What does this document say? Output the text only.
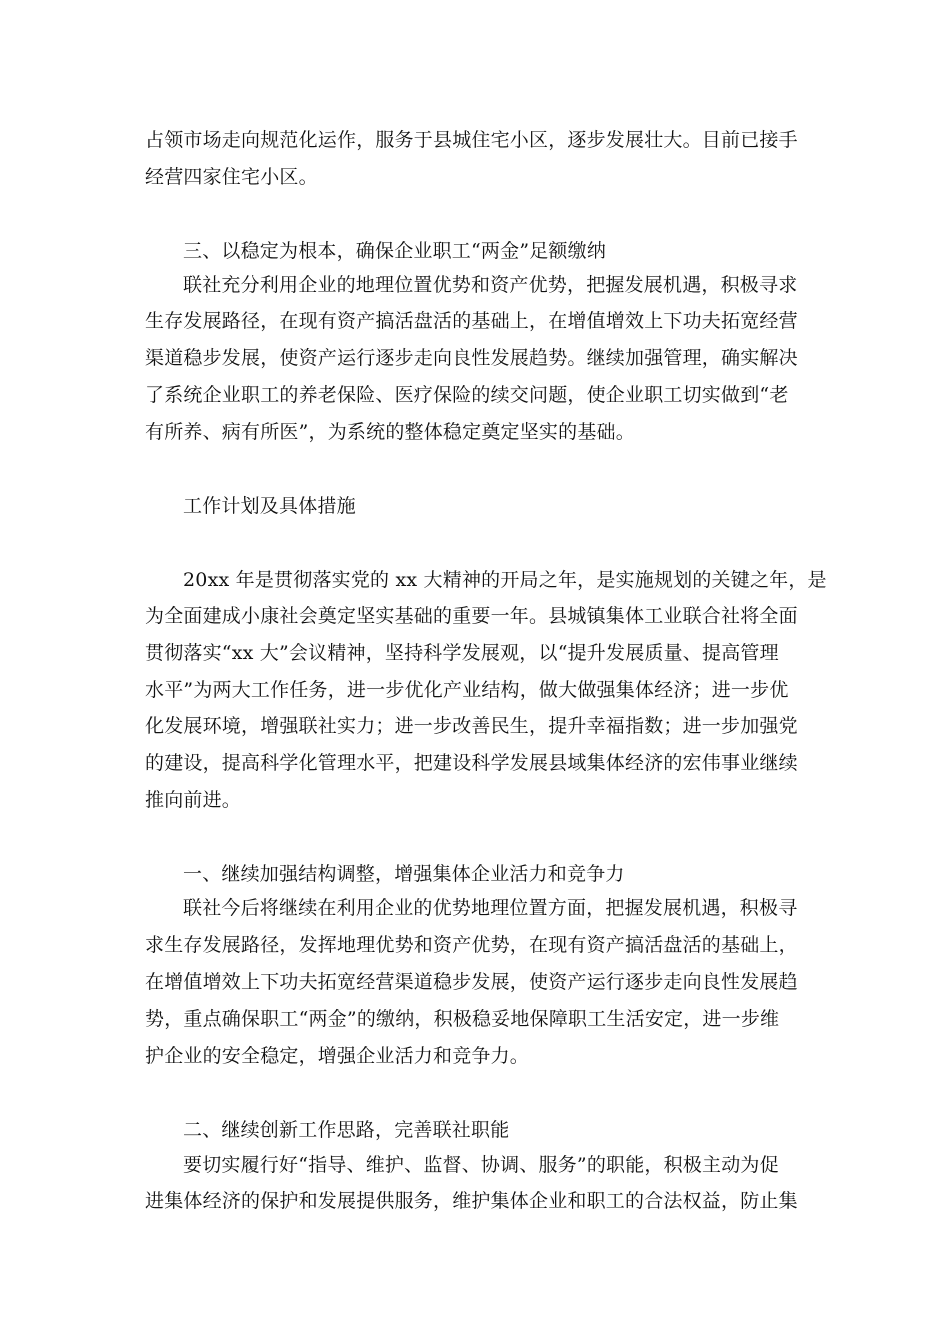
占领市场走向规范化运作，服务于县城住宅小区，逐步发展壮大。目前已接手
经营四家住宅小区。
三、以稳定为根本，确保企业职工“两金”足额缴纳
联社充分利用企业的地理位置优势和资产优势，把握发展机遇，积极寻求
生存发展路径，在现有资产搞活盘活的基础上，在增值增效上下功夫拓宽经营
渠道稳步发展，使资产运行逐步走向良性发展趋势。继续加强管理，确实解决
了系统企业职工的养老保险、医疗保险的续交问题，使企业职工切实做到“老
有所养、病有所医”，为系统的整体稳定奠定坚实的基础。
工作计划及具体措施
20xx 年是贯彻落实党的 xx 大精神的开局之年，是实施规划的关键之年，是
为全面建成小康社会奠定坚实基础的重要一年。县城镇集体工业联合社将全面
贯彻落实“xx 大”会议精神，坚持科学发展观，以“提升发展质量、提高管理
水平”为两大工作任务，进一步优化产业结构，做大做强集体经济；进一步优
化发展环境，增强联社实力；进一步改善民生，提升幸福指数；进一步加强党
的建设，提高科学化管理水平，把建设科学发展县域集体经济的宏伟事业继续
推向前进。
一、继续加强结构调整，增强集体企业活力和竞争力
联社今后将继续在利用企业的优势地理位置方面，把握发展机遇，积极寻
求生存发展路径，发挥地理优势和资产优势，在现有资产搞活盘活的基础上，
在增值增效上下功夫拓宽经营渠道稳步发展，使资产运行逐步走向良性发展趋
势，重点确保职工“两金”的缴纳，积极稳妥地保障职工生活安定，进一步维
护企业的安全稳定，增强企业活力和竞争力。
二、继续创新工作思路，完善联社职能
要切实履行好“指导、维护、监督、协调、服务”的职能，积极主动为促
进集体经济的保护和发展提供服务，维护集体企业和职工的合法权益，防止集
